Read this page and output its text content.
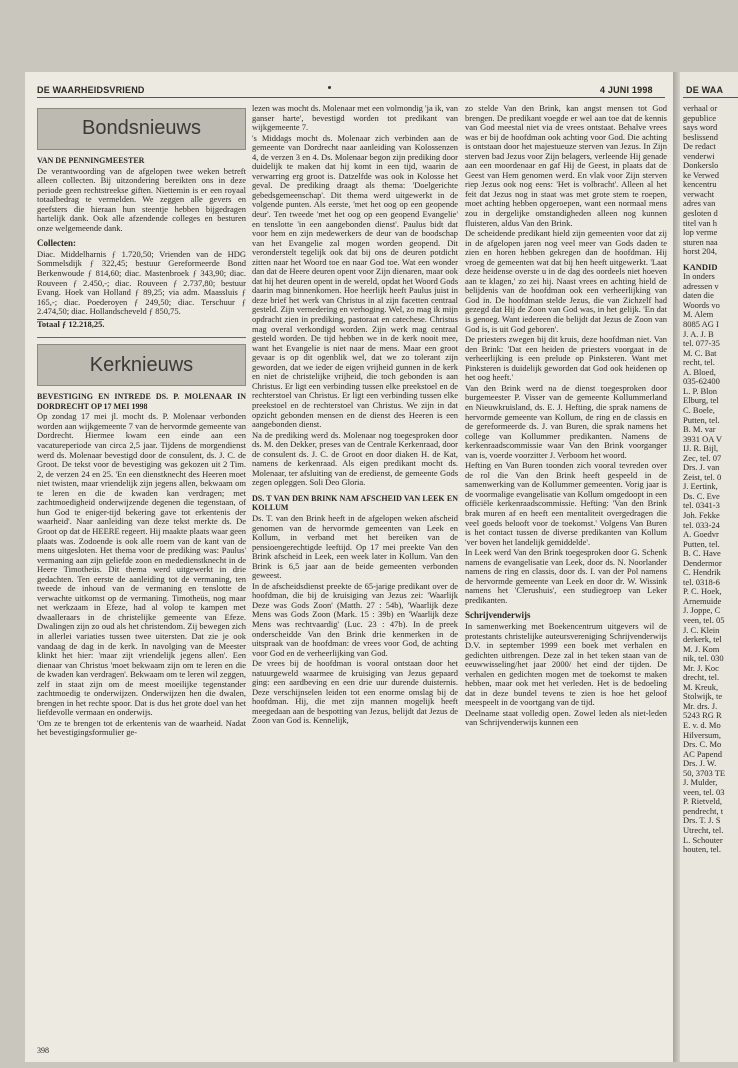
DE WAARHEIDSVRIEND	4 JUNI 1998	DE WAA
Bondsnieuws
VAN DE PENNINGMEESTER

De verantwoording van de afgelopen twee weken betreft alleen collecten. Bij uitzondering bereikten ons in deze periode geen rechtstreekse giften. Niettemin is er een royaal totaalbedrag te vermelden. We zeggen alle gevers en geefsters die hieraan hun steentje hebben bijgedragen hartelijk dank. Ook alle afzendende colleges en besturen onze welgemeende dank.

Collecten:

Diac. Middelharnis ƒ 1.720,50; Vrienden van de HDG Sommelsdijk ƒ 322,45; bestuur Gereformeerde Bond Berkenwoude ƒ 814,60; diac. Mastenbroek ƒ 343,90; diac. Rouveen ƒ 2.450,-; diac. Rouveen ƒ 2.737,80; bestuur Evang. Hoek van Holland ƒ 89,25; via adm. Maassluis ƒ 165,-; diac. Poederoyen ƒ 249,50; diac. Terschuur ƒ 2.474,50; diac. Hollandscheveld ƒ 850,75.

Totaal ƒ 12.218,25.
Kerknieuws
BEVESTIGING EN INTREDE DS. P. MOLENAAR IN DORDRECHT OP 17 MEI 1998

Op zondag 17 mei jl. mocht ds. P. Molenaar verbonden worden aan wijkgemeente 7 van de hervormde gemeente van Dordrecht. Hiermee kwam een einde aan een vacatureperiode van circa 2,5 jaar. Tijdens de morgendienst werd ds. Molenaar bevestigd door de consulent, ds. J. C. de Groot. De tekst voor de bevestiging was gekozen uit 2 Tim. 2, de verzen 24 en 25. 'En een dienstknecht des Heeren moet niet twisten, maar vriendelijk zijn jegens allen, bekwaam om te leren en die de kwaden kan verdragen; met zachtmoedigheid onderwijzende degenen die tegenstaan, of hun God te eniger-tijd bekering gave tot erkentenis der waarheid'. Naar aanleiding van deze tekst merkte ds. De Groot op dat de HEERE regeert. Hij maakte plaats waar geen plaats was. Zodoende is ook alle roem van de kant van de mens uitgesloten. Het thema voor de prediking was: Paulus' vermaning aan zijn geliefde zoon en mededienstknecht in de Heere Timotheüs. Dit thema werd uitgewerkt in drie gedachten. Ten eerste de aanleiding tot de vermaning, ten tweede de inhoud van de vermaning en tenslotte de verwachte uitkomst op de vermaning. Timotheüs, nog maar net werkzaam in Efeze, had al volop te kampen met dwaalleraars in de christelijke gemeente van Efeze. Dwalingen zijn zo oud als het christendom. Zij bewegen zich in allerlei variaties tussen twee uitersten. Dat zie je ook vandaag de dag in de kerk. In navolging van de Meester klinkt het hier: 'maar zijt vriendelijk jegens allen'. Een dienaar van Christus 'moet bekwaam zijn om te leren en die de kwaden kan verdragen'. Bekwaam om te leren wil zeggen, zelf in staat zijn om de meest moeilijke tegenstander zachtmoedig te onderwijzen. Onderwijzen hen die dwalen, brengen in het rechte spoor. Dat is dus het grote doel van het liefdevolle vermaan en onderwijs.

'Om ze te brengen tot de erkentenis van de waarheid. Nadat het bevestigingsformulier ge-

lezen was mocht ds. Molenaar met een volmondig 'ja ik, van ganser harte', bevestigd worden tot predikant van wijkgemeente 7.

's Middags mocht ds. Molenaar zich verbinden aan de gemeente van Dordrecht naar aanleiding van Kolossenzen 4, de verzen 3 en 4. Ds. Molenaar begon zijn prediking door duidelijk te maken dat hij komt in een tijd, waarin de verwarring erg groot is. Datzelfde was ook in Kolosse het geval. De prediking draagt als thema: 'Doelgerichte gebedsgemeenschap'. Dit thema werd uitgewerkt in de volgende punten. Als eerste, 'met het oog op een geopende deur'. Ten tweede 'met het oog op een geopend Evangelie' en tenslotte 'in een aangebonden dienst'. Paulus bidt dat voor hem en zijn medewerkers de deur van de boodschap van het Evangelie zal mogen worden geopend. Dit veronderstelt tegelijk ook dat bij ons de deuren potdicht zitten naar het Woord toe en naar God toe. Wat een wonder dan dat de Heere deuren opent voor Zijn dienaren, maar ook dat hij het deuren opent in de wereld, opdat het Woord Gods daarin mag binnenkomen. Hoe heerlijk heeft Paulus juist in deze brief het werk van Christus in al zijn facetten centraal gesteld. Zijn vernedering en verhoging. Wel, zo mag ik mijn opdracht zien in prediking, pastoraat en catechese. Christus mag overal verkondigd worden. Zijn werk mag centraal gesteld worden. De tijd hebben we in de kerk nooit mee, want het Evangelie is niet naar de mens. Maar een groot gevaar is op dit ogenblik wel, dat we zo tolerant zijn geworden, dat we ieder de eigen vrijheid gunnen in de kerk en niet de christelijke vrijheid, die toch gebonden is aan Christus. Er ligt een verbinding tussen elke preekstoel en de rechterstoel van Christus. Er ligt een verbinding tussen elke preekstoel en de rechterstoel van Christus. We zijn in dat opzicht gebonden mensen en de dienst des Heeren is een aangebonden dienst.

Na de prediking werd ds. Molenaar nog toegesproken door ds. M. den Dekker, preses van de Centrale Kerkenraad, door de consulent ds. J. C. de Groot en door diaken H. de Kat, namens de kerkenraad. Als eigen predikant mocht ds. Molenaar, ter afsluiting van de eredienst, de gemeente Gods zegen opleggen. Soli Deo Gloria.

DS. T VAN DEN BRINK NAM AFSCHEID VAN LEEK EN KOLLUM

Ds. T. van den Brink heeft in de afgelopen weken afscheid genomen van de hervormde gemeenten van Leek en Kollum, in verband met het bereiken van de pensioengerechtigde leeftijd. Op 17 mei preekte Van den Brink afscheid in Leek, een week later in Kollum. Van den Brink is 6,5 jaar aan de beide gemeenten verbonden geweest.

In de afscheidsdienst preekte de 65-jarige predikant over de hoofdman, die bij de kruisiging van Jezus zei: 'Waarlijk Deze was Gods Zoon' (Matth. 27 : 54b), 'Waarlijk deze Mens was Gods Zoon (Mark. 15 : 39b) en 'Waarlijk deze Mens was rechtvaardig' (Luc. 23 : 47b). In de preek onderscheidde Van den Brink drie kenmerken in de uitspraak van de hoofdman: de vrees voor God, de achting voor God en de verheerlijking van God.

De vrees bij de hoofdman is vooral ontstaan door het natuurgeweld waarmee de kruisiging van Jezus gepaard ging: een aardbeving en een drie uur durende duisternis. Deze verschijnselen leiden tot een enorme omslag bij de hoofdman. Hij, die met zijn mannen mogelijk heeft meegedaan aan de bespotting van Jezus, belijdt dat Jezus de Zoon van God is. Kennelijk,

zo stelde Van den Brink, kan angst mensen tot God brengen. De predikant voegde er wel aan toe dat de kennis van God meestal niet via de vrees ontstaat. Behalve vrees was er bij de hoofdman ook achting voor God. Die achting is ontstaan door het majestueuze sterven van Jezus. In Zijn sterven bad Jezus voor Zijn belagers, verleende Hij genade aan een moordenaar en gaf Hij de Geest, in plaats dat de Geest van Hem genomen werd. En vlak voor Zijn sterven riep Jezus ook nog eens: 'Het is volbracht'. Alleen al het feit dat Jezus nog in staat was met grote stem te roepen, moet achting hebben opgeroepen, want een normaal mens zou in dergelijke omstandigheden alleen nog kunnen fluisteren, aldus Van den Brink.

De scheidende predikant hield zijn gemeenten voor dat zij in de afgelopen jaren nog veel meer van Gods daden te zien en horen hebben gekregen dan de hoofdman. Hij vroeg de gemeenten wat dat bij hen heeft uitgewerkt. 'Laat deze heidense overste u in de dag des oordeels niet hoeven aan te klagen,' zo zei hij. Naast vrees en achting hield de belijdenis van de hoofdman ook een verheerlijking van God in. De hoofdman stelde Jezus, die van Zichzelf had gezegd dat Hij de Zoon van God was, in het gelijk. 'En dat is genoeg. Want iedereen die belijdt dat Jezus de Zoon van God is, is uit God geboren'.

De priesters zwegen bij dit kruis, deze hoofdman niet. Van den Brink: 'Dat een heiden de priesters voorgaat in de verheerlijking is een prelude op Pinksteren. Want met Pinksteren is duidelijk geworden dat God ook heidenen op het oog heeft.'

Van den Brink werd na de dienst toegesproken door burgemeester P. Visser van de gemeente Kollummerland en Nieuwkruisland, ds. E. J. Hefting, die sprak namens de hervormde gemeente van Kollum, de ring en de classis en de gereformeerde ds. J. van Buren, die sprak namens het college van Kollummer predikanten. Namens de kerkenraadscommissie waar Van den Brink voorganger van is, voerde voorzitter J. Verboom het woord.

Hefting en Van Buren toonden zich vooral tevreden over de rol die Van den Brink heeft gespeeld in de samenwerking van de Kollummer gemeenten. Vorig jaar is de voormalige evangelisatie van Kollum omgedoopt in een officiële kerkenraadscommissie. Hefting: 'Van den Brink brak muren af en heeft een mentaliteit overgedragen die veel goeds belooft voor de toekomst.' Volgens Van Buren is het contact tussen de diverse predikanten van Kollum 'ver boven het landelijk gemiddelde'.

In Leek werd Van den Brink toegesproken door G. Schenk namens de evangelisatie van Leek, door ds. N. Noorlander namens de ring en classis, door ds. I. van der Pol namens de hervormde gemeente van Leek en door dr. W. Wissink namens het 'Clerushuis', een studiegroep van Leker predikanten.

Schrijvenderwijs

In samenwerking met Boekencentrum uitgevers wil de protestants christelijke auteursvereniging Schrijvenderwijs D.V. in september 1999 een boek met verhalen en gedichten uitbrengen. Deze zal in het teken staan van de eeuwwisseling/het jaar 2000/ het eind der tijden. De verhalen en gedichten mogen met de toekomst te maken hebben, maar ook met het verleden. Het is de bedoeling dat in deze bundel tevens te zien is hoe het geloof meespeelt in de voortgang van de tijd.

Deelname staat volledig open. Zowel leden als niet-leden van Schrijvenderwijs kunnen een

verhaal or
gepublice
says word
beslissend
De redact
venderwi
Donkerslo
ke Verwed
kencentru
verwacht
adres van
gesloten d
titel van h
lop verme
sturen naa
horst 204,
KANDID
In onders
adressen v
daten die
Woords vo
M. Alem
8085 AG I
J. A. J. B
tel. 077-35
M. C. Bat
recht, tel.
A. Bloed,
035-62400
L. P. Blon
Elburg, tel
C. Boele,
Putten, tel.
B. M. var
3931 OA V
IJ. R. Bijl,
Zec, tel. 07
Drs. J. van
Zeist, tel. 0
J. Eertink,
Ds. C. Eve
tel. 0341-3
Joh. Fekke
tel. 033-24
A. Goedvr
Putten, tel.
B. C. Have
Dendermor
C. Hendrik
tel. 0318-6
P. C. Hoek,
Arnemuide
J. Joppe, C
veen, tel. 05
J. C. Klein
derkerk, tel
M. J. Kom
nik, tel. 030
Mr. J. Koc
drecht, tel.
M. Kreuk,
Stolwijk, te
Mr. drs. J.
5243 RG R
E. v. d. Mo
Hilversum,
Drs. C. Mo
AC Papend
Drs. J. W.
50, 3703 TE
J. Mulder,
veen, tel. 03
P. Rietveld,
pendrecht, t
Drs. T. J. S
Utrecht, tel.
L. Schouter
houten, tel.
398
